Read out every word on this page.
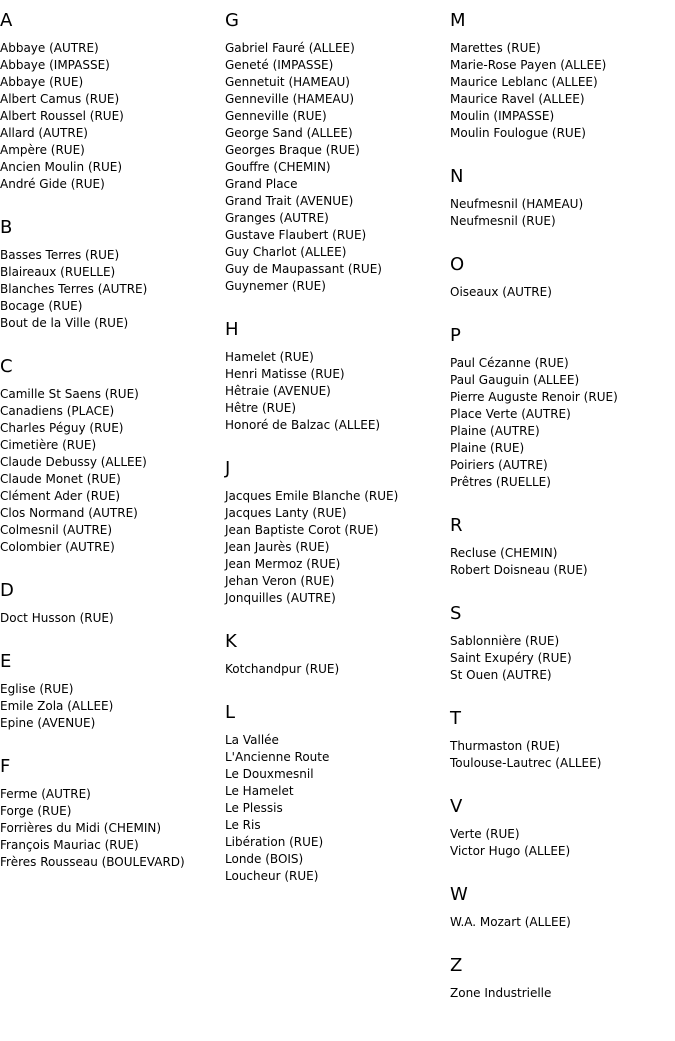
A
Abbaye (AUTRE)
Abbaye (IMPASSE)
Abbaye (RUE)
Albert Camus (RUE)
Albert Roussel (RUE)
Allard (AUTRE)
Ampère (RUE)
Ancien Moulin (RUE)
André Gide (RUE)
B
Basses Terres (RUE)
Blaireaux (RUELLE)
Blanches Terres (AUTRE)
Bocage (RUE)
Bout de la Ville (RUE)
C
Camille St Saens (RUE)
Canadiens (PLACE)
Charles Péguy (RUE)
Cimetière (RUE)
Claude Debussy (ALLEE)
Claude Monet (RUE)
Clément Ader (RUE)
Clos Normand (AUTRE)
Colmesnil (AUTRE)
Colombier (AUTRE)
D
Doct Husson (RUE)
E
Eglise (RUE)
Emile Zola (ALLEE)
Epine (AVENUE)
F
Ferme (AUTRE)
Forge (RUE)
Forrières du Midi (CHEMIN)
François Mauriac (RUE)
Frères Rousseau (BOULEVARD)
G
Gabriel Fauré (ALLEE)
Geneté (IMPASSE)
Gennetuit (HAMEAU)
Genneville (HAMEAU)
Genneville (RUE)
George Sand (ALLEE)
Georges Braque (RUE)
Gouffre (CHEMIN)
Grand Place
Grand Trait (AVENUE)
Granges (AUTRE)
Gustave Flaubert (RUE)
Guy Charlot (ALLEE)
Guy de Maupassant (RUE)
Guynemer (RUE)
H
Hamelet (RUE)
Henri Matisse (RUE)
Hêtraie (AVENUE)
Hêtre (RUE)
Honoré de Balzac (ALLEE)
J
Jacques Emile Blanche (RUE)
Jacques Lanty (RUE)
Jean Baptiste Corot (RUE)
Jean Jaurès (RUE)
Jean Mermoz (RUE)
Jehan Veron (RUE)
Jonquilles (AUTRE)
K
Kotchandpur (RUE)
L
La Vallée
L'Ancienne Route
Le Douxmesnil
Le Hamelet
Le Plessis
Le Ris
Libération (RUE)
Londe (BOIS)
Loucheur (RUE)
M
Marettes (RUE)
Marie-Rose Payen (ALLEE)
Maurice Leblanc (ALLEE)
Maurice Ravel (ALLEE)
Moulin (IMPASSE)
Moulin Foulogue (RUE)
N
Neufmesnil (HAMEAU)
Neufmesnil (RUE)
O
Oiseaux (AUTRE)
P
Paul Cézanne (RUE)
Paul Gauguin (ALLEE)
Pierre Auguste Renoir (RUE)
Place Verte (AUTRE)
Plaine (AUTRE)
Plaine (RUE)
Poiriers (AUTRE)
Prêtres (RUELLE)
R
Recluse (CHEMIN)
Robert Doisneau (RUE)
S
Sablonnière (RUE)
Saint Exupéry (RUE)
St Ouen (AUTRE)
T
Thurmaston (RUE)
Toulouse-Lautrec (ALLEE)
V
Verte (RUE)
Victor Hugo (ALLEE)
W
W.A. Mozart (ALLEE)
Z
Zone Industrielle
